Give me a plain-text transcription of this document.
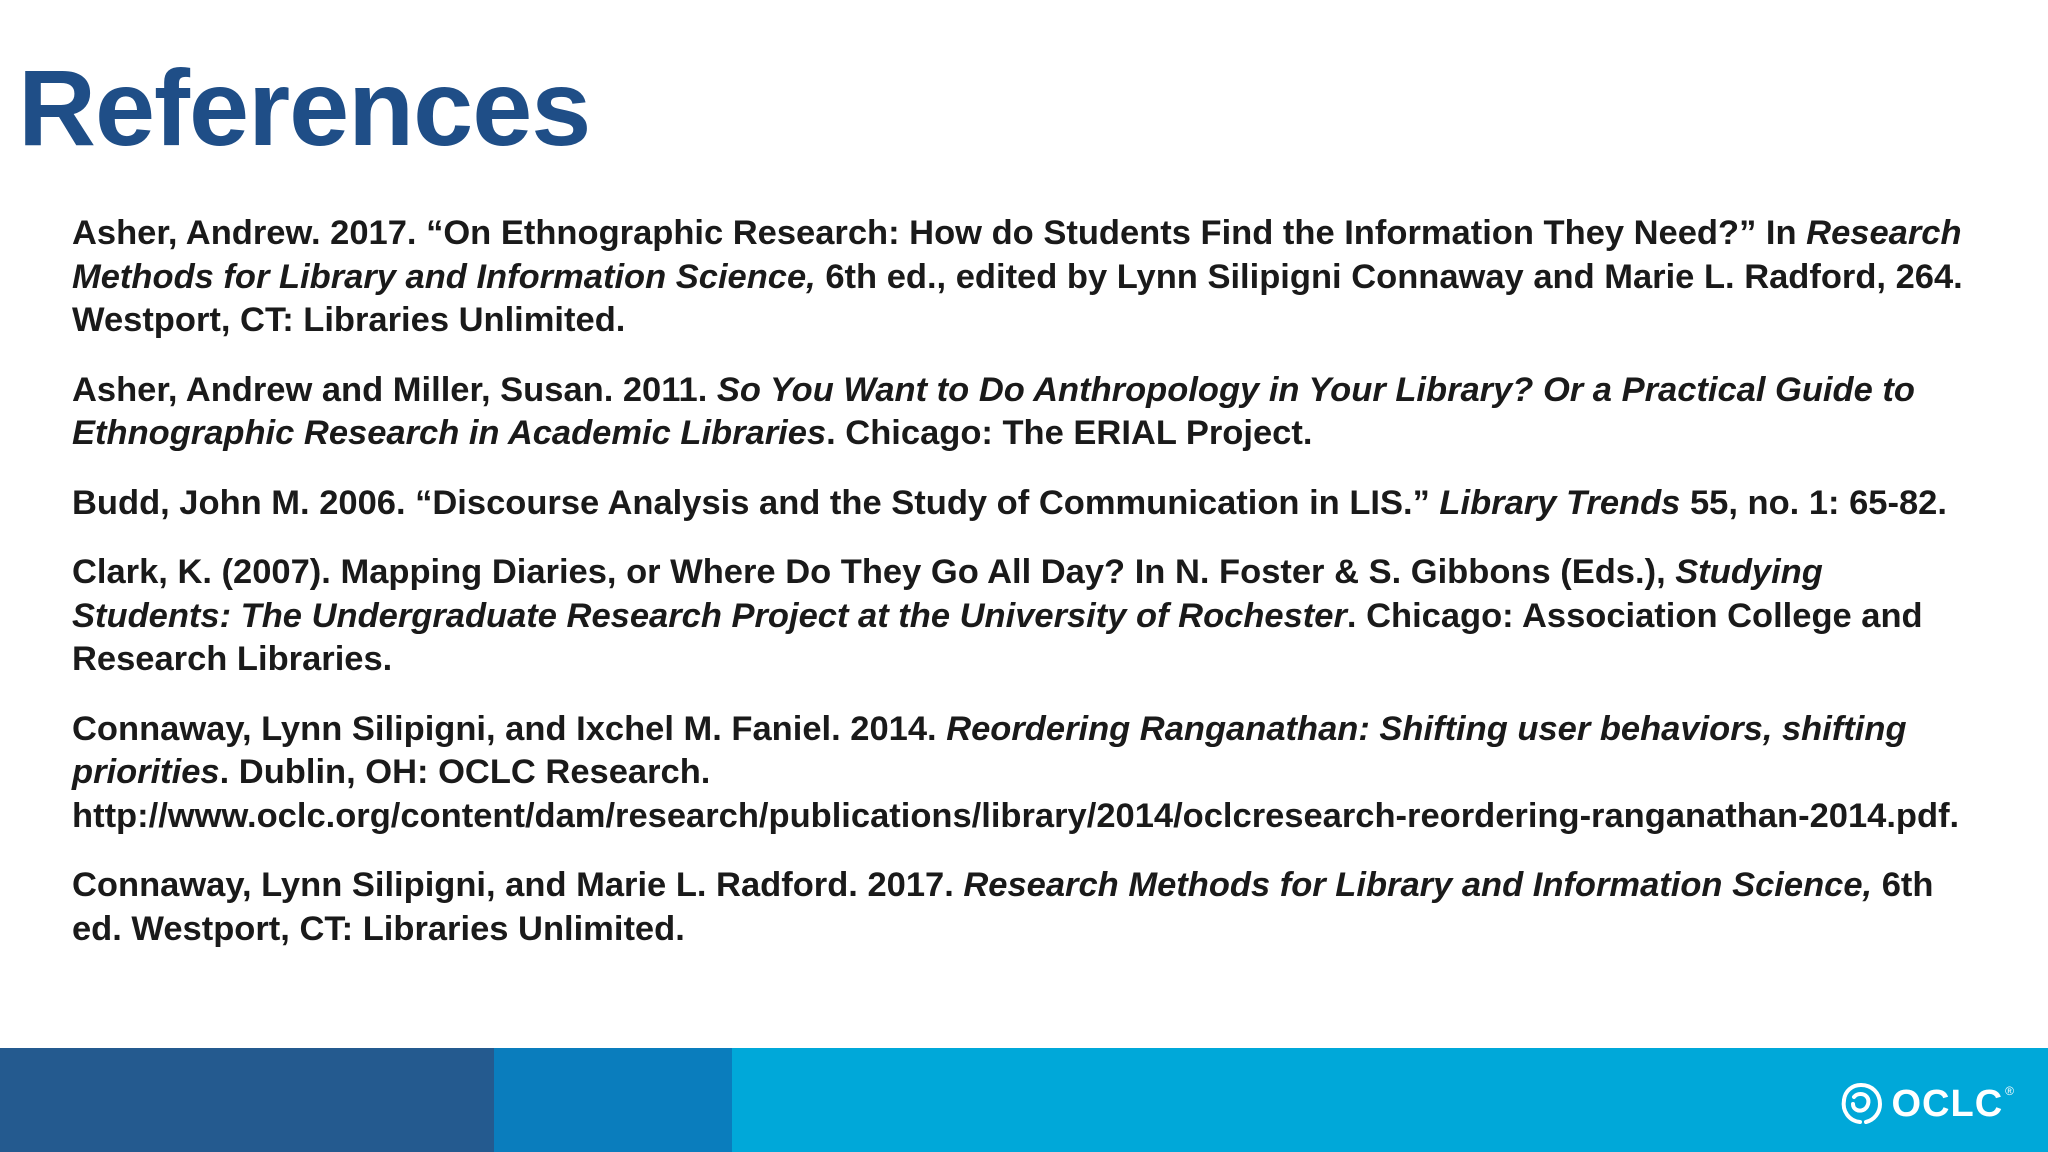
References
Asher, Andrew. 2017. “On Ethnographic Research: How do Students Find the Information They Need?” In Research Methods for Library and Information Science, 6th ed., edited by Lynn Silipigni Connaway and Marie L. Radford, 264. Westport, CT: Libraries Unlimited.
Asher, Andrew and Miller, Susan. 2011. So You Want to Do Anthropology in Your Library? Or a Practical Guide to Ethnographic Research in Academic Libraries. Chicago: The ERIAL Project.
Budd, John M. 2006. “Discourse Analysis and the Study of Communication in LIS.” Library Trends 55, no. 1: 65-82.
Clark, K. (2007). Mapping Diaries, or Where Do They Go All Day? In N. Foster & S. Gibbons (Eds.), Studying Students: The Undergraduate Research Project at the University of Rochester. Chicago: Association College and Research Libraries.
Connaway, Lynn Silipigni, and Ixchel M. Faniel. 2014. Reordering Ranganathan: Shifting user behaviors, shifting priorities. Dublin, OH: OCLC Research. http://www.oclc.org/content/dam/research/publications/library/2014/oclcresearch-reordering-ranganathan-2014.pdf.
Connaway, Lynn Silipigni, and Marie L. Radford. 2017. Research Methods for Library and Information Science, 6th ed. Westport, CT: Libraries Unlimited.
OCLC ®
